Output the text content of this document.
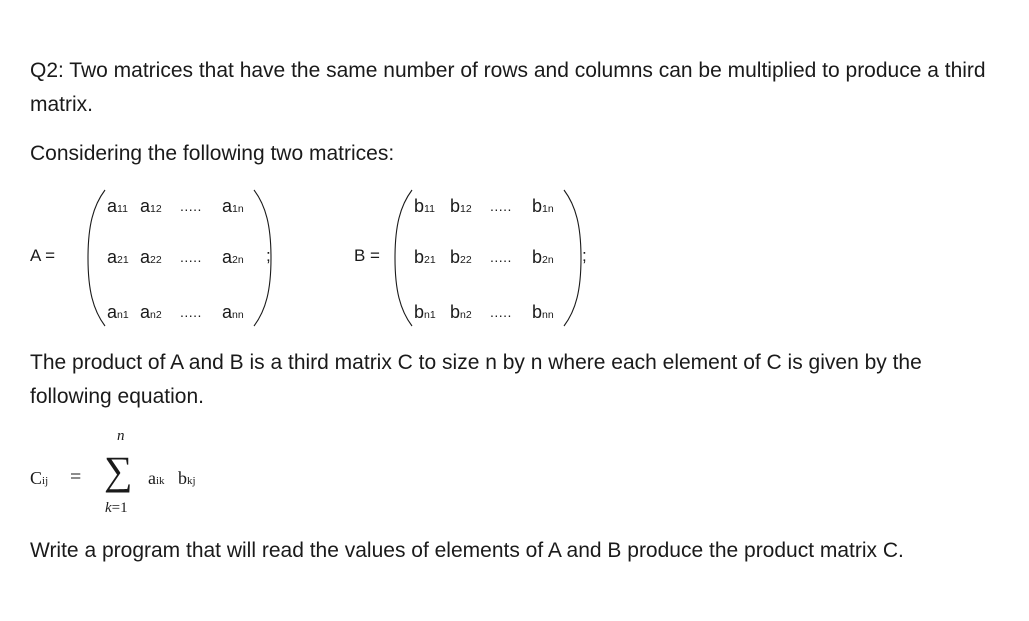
Q2: Two matrices that have the same number of rows and columns can be multiplied to produce a third matrix.

Considering the following two matrices:

The product of A and B is a third matrix C to size n by n where each element of C is given by the following equation.

Write a program that will read the values of elements of A and B produce the product matrix C.

A =
a11 a12 ..... a1n
a21 a22 ..... a2n
an1 an2 ..... ann
;	B =
b11 b12 ..... b1n
b21 b22 ..... b2n
bn1 bn2 ..... bnn
;
Cij =
n
∑
k=1
aik bkj
